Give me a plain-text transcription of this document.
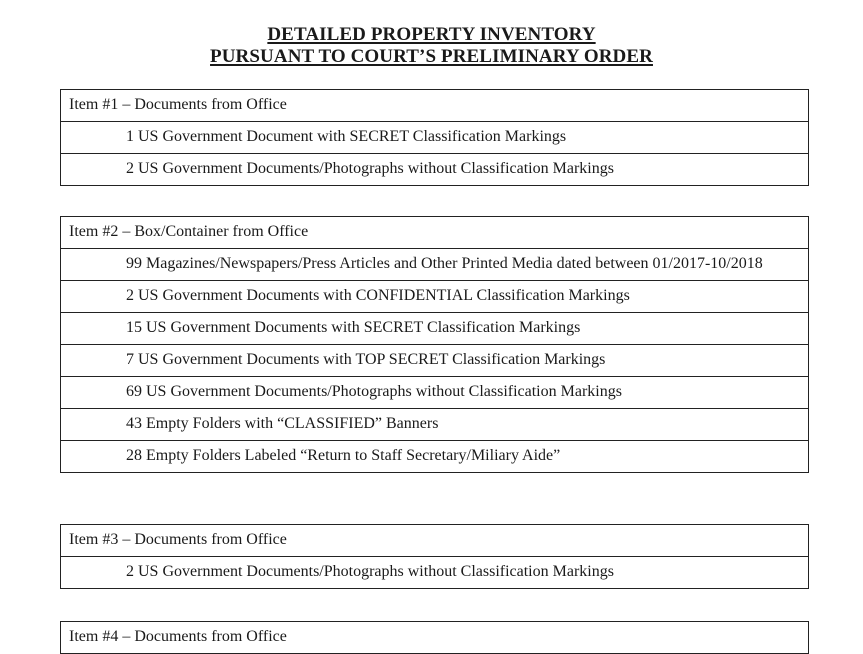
DETAILED PROPERTY INVENTORY
PURSUANT TO COURT’S PRELIMINARY ORDER
Item #1 – Documents from Office
1 US Government Document with SECRET Classification Markings
2 US Government Documents/Photographs without Classification Markings
Item #2 – Box/Container from Office
99 Magazines/Newspapers/Press Articles and Other Printed Media dated between 01/2017-10/2018
2 US Government Documents with CONFIDENTIAL Classification Markings
15 US Government Documents with SECRET Classification Markings
7 US Government Documents with TOP SECRET Classification Markings
69 US Government Documents/Photographs without Classification Markings
43 Empty Folders with “CLASSIFIED” Banners
28 Empty Folders Labeled “Return to Staff Secretary/Miliary Aide”
Item #3 – Documents from Office
2 US Government Documents/Photographs without Classification Markings
Item #4 – Documents from Office
